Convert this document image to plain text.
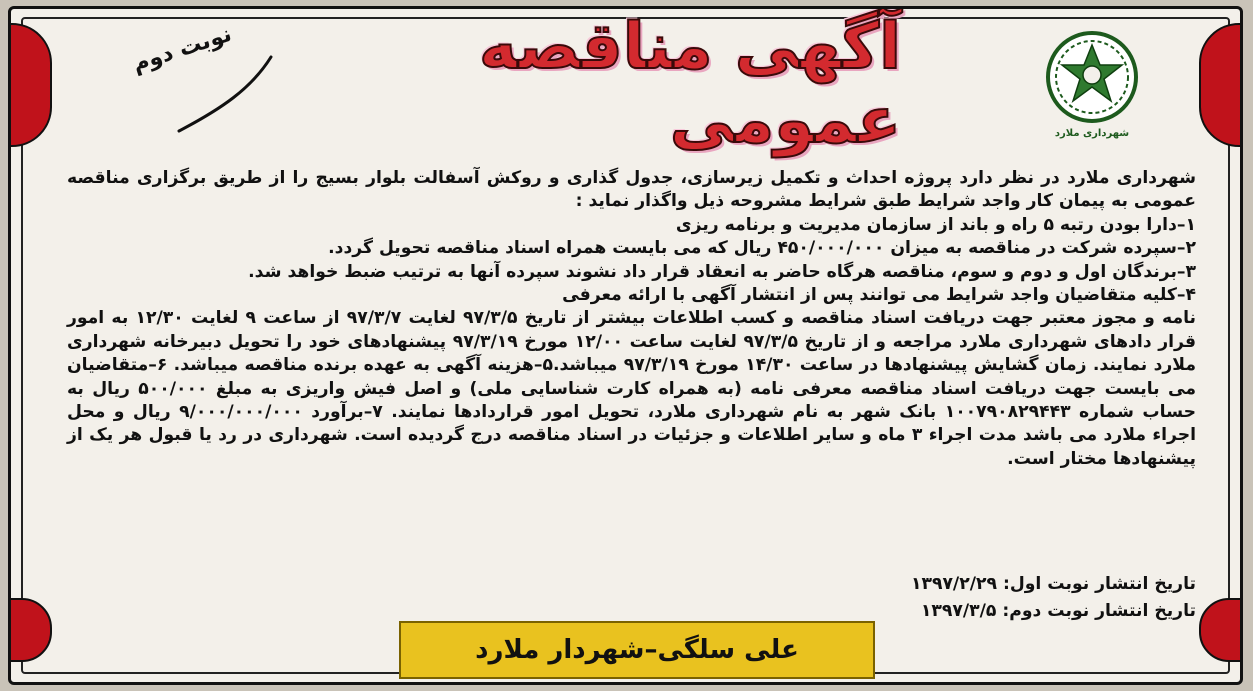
شهرداری ملارد
آگهی مناقصه عمومی
نوبت دوم

شهرداری ملارد در نظر دارد پروژه احداث و تکمیل زیرسازی، جدول گذاری و روکش آسفالت بلوار بسیج را از طریق برگزاری مناقصه عمومی به پیمان کار واجد شرایط طبق شرایط مشروحه ذیل واگذار نماید :

۱–دارا بودن رتبه ۵ راه و باند از سازمان مدیریت و برنامه ریزی

۲–سپرده شرکت در مناقصه به میزان ۴۵۰/۰۰۰/۰۰۰ ریال که می بایست همراه اسناد مناقصه تحویل گردد.

۳–برندگان اول و دوم و سوم، مناقصه هرگاه حاضر به انعقاد قرار داد نشوند سپرده آنها به ترتیب ضبط خواهد شد.

۴–کلیه متقاضیان واجد شرایط می توانند پس از انتشار آگهی با ارائه معرفی

نامه و مجوز معتبر جهت دریافت اسناد مناقصه و کسب اطلاعات بیشتر از تاریخ ۹۷/۳/۵ لغایت ۹۷/۳/۷ از ساعت ۹ لغایت ۱۲/۳۰ به امور قرار دادهای شهرداری ملارد مراجعه و از تاریخ ۹۷/۳/۵ لغایت ساعت ۱۲/۰۰ مورخ ۹۷/۳/۱۹ پیشنهادهای خود را تحویل دبیرخانه شهرداری ملارد نمایند. زمان گشایش پیشنهادها در ساعت ۱۴/۳۰ مورخ ۹۷/۳/۱۹ میباشد.۵–هزینه آگهی به عهده برنده مناقصه میباشد. ۶–متقاضیان می بایست جهت دریافت اسناد مناقصه معرفی نامه (به همراه کارت شناسایی ملی) و اصل فیش واریزی به مبلغ ۵۰۰/۰۰۰ ریال به حساب شماره ۱۰۰۷۹۰۸۲۹۴۴۳ بانک شهر به نام شهرداری ملارد، تحویل امور قراردادها نمایند. ۷–برآورد ۹/۰۰۰/۰۰۰/۰۰۰ ریال و محل اجراء ملارد می باشد مدت اجراء ۳ ماه و سایر اطلاعات و جزئیات در اسناد مناقصه درج گردیده است. شهرداری در رد یا قبول هر یک از پیشنهادها مختار است.

تاریخ انتشار نوبت اول: ۱۳۹۷/۲/۲۹
تاریخ انتشار نوبت دوم: ۱۳۹۷/۳/۵
علی سلگی–شهردار ملارد
